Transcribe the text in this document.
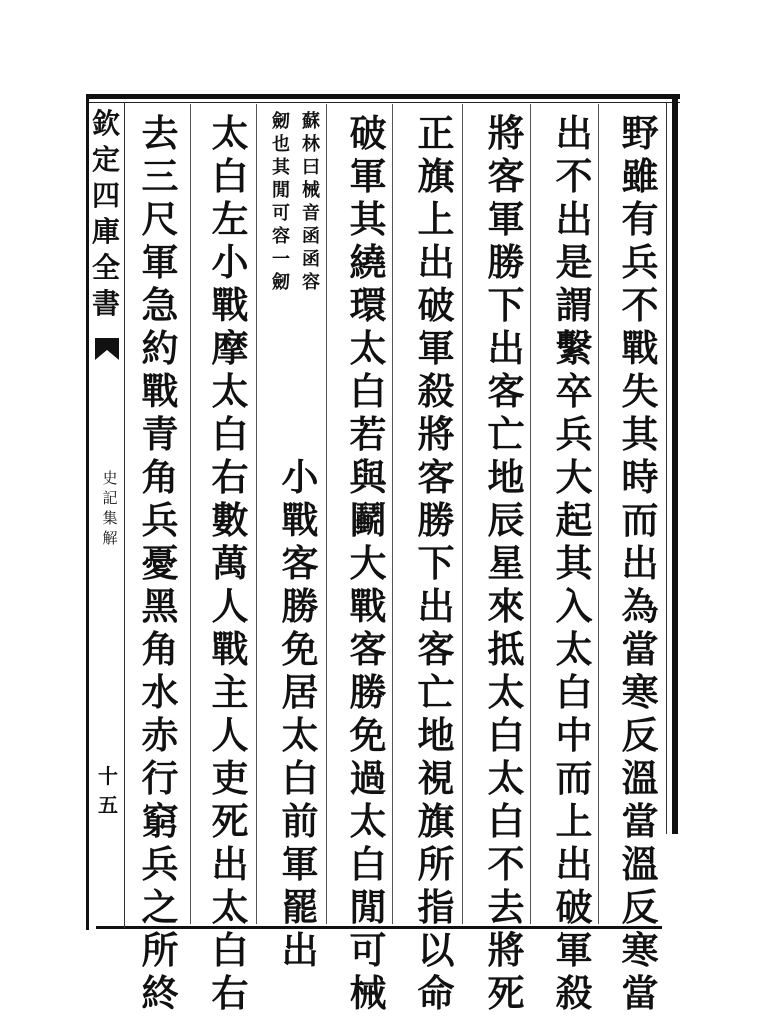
欽
定
四
庫
全
書
史
記
集
解
十五
野
雖
有
兵
不
戰
失
其
時
而
出
為
當
寒
反
溫
當
溫
反
寒
當
出
不
出
是
謂
繫
卒
兵
大
起
其
入
太
白
中
而
上
出
破
軍
殺
將
客
軍
勝
下
出
客
亡
地
辰
星
來
抵
太
白
太
白
不
去
將
死
正
旗
上
出
破
軍
殺
將
客
勝
下
出
客
亡
地
視
旗
所
指
以
命
破
軍
其
繞
環
太
白
若
與
鬬
大
戰
客
勝
免
過
太
白
閒
可
械
蘇
林
曰
械
音
函
函
容
劒
也
其
閒
可
容
一
劒
小
戰
客
勝
免
居
太
白
前
軍
罷
出
太
白
左
小
戰
摩
太
白
右
數
萬
人
戰
主
人
吏
死
出
太
白
右
去
三
尺
軍
急
約
戰
青
角
兵
憂
黑
角
水
赤
行
窮
兵
之
所
終
